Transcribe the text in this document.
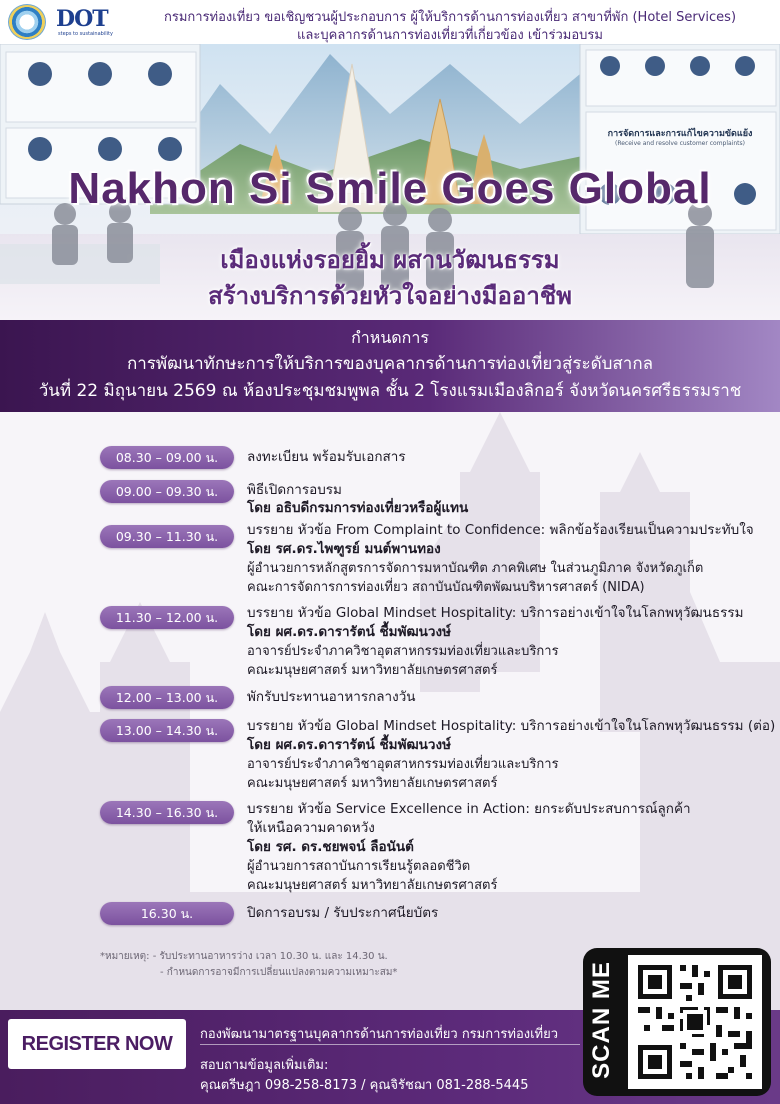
DOT
steps to sustainability
กรมการท่องเที่ยว ขอเชิญชวนผู้ประกอบการ ผู้ให้บริการด้านการท่องเที่ยว สาขาที่พัก (Hotel Services)
และบุคลากรด้านการท่องเที่ยวที่เกี่ยวข้อง เข้าร่วมอบรม
การจัดการและการแก้ไขความขัดแย้ง
(Receive and resolve customer complaints)
Nakhon Si Smile Goes Global
เมืองแห่งรอยยิ้ม ผสานวัฒนธรรม
สร้างบริการด้วยหัวใจอย่างมืออาชีพ
กำหนดการ
การพัฒนาทักษะการให้บริการของบุคลากรด้านการท่องเที่ยวสู่ระดับสากล
วันที่ 22 มิถุนายน 2569 ณ ห้องประชุมชมพูพล ชั้น 2 โรงแรมเมืองลิกอร์ จังหวัดนครศรีธรรมราช
08.30 – 09.00 น.	ลงทะเบียน พร้อมรับเอกสาร
09.00 – 09.30 น.	พิธีเปิดการอบรม
โดย อธิบดีกรมการท่องเที่ยวหรือผู้แทน
09.30 – 11.30 น.	บรรยาย หัวข้อ From Complaint to Confidence: พลิกข้อร้องเรียนเป็นความประทับใจ
โดย รศ.ดร.ไพฑูรย์ มนต์พานทอง
ผู้อำนวยการหลักสูตรการจัดการมหาบัณฑิต ภาคพิเศษ ในส่วนภูมิภาค จังหวัดภูเก็ต
คณะการจัดการการท่องเที่ยว สถาบันบัณฑิตพัฒนบริหารศาสตร์ (NIDA)
11.30 – 12.00 น.	บรรยาย หัวข้อ Global Mindset Hospitality: บริการอย่างเข้าใจในโลกพหุวัฒนธรรม
โดย ผศ.ดร.ดารารัตน์ ชื้มพัฒนวงษ์
อาจารย์ประจำภาควิชาอุตสาหกรรมท่องเที่ยวและบริการ
คณะมนุษยศาสตร์ มหาวิทยาลัยเกษตรศาสตร์
12.00 – 13.00 น.	พักรับประทานอาหารกลางวัน
13.00 – 14.30 น.	บรรยาย หัวข้อ Global Mindset Hospitality: บริการอย่างเข้าใจในโลกพหุวัฒนธรรม (ต่อ)
โดย ผศ.ดร.ดารารัตน์ ชื้มพัฒนวงษ์
อาจารย์ประจำภาควิชาอุตสาหกรรมท่องเที่ยวและบริการ
คณะมนุษยศาสตร์ มหาวิทยาลัยเกษตรศาสตร์
14.30 – 16.30 น.	บรรยาย หัวข้อ Service Excellence in Action: ยกระดับประสบการณ์ลูกค้า
ให้เหนือความคาดหวัง
โดย รศ. ดร.ชยพจน์ ลือนันต์
ผู้อำนวยการสถาบันการเรียนรู้ตลอดชีวิต
คณะมนุษยศาสตร์ มหาวิทยาลัยเกษตรศาสตร์
16.30 น.	ปิดการอบรม / รับประกาศนียบัตร
*หมายเหตุ: - รับประทานอาหารว่าง เวลา 10.30 น. และ 14.30 น.
- กำหนดการอาจมีการเปลี่ยนแปลงตามความเหมาะสม*
REGISTER NOW	กองพัฒนามาตรฐานบุคลากรด้านการท่องเที่ยว กรมการท่องเที่ยว
สอบถามข้อมูลเพิ่มเติม:
คุณตรีษฎา 098-258-8173 / คุณจิรัชฌา 081-288-5445
SCAN ME
